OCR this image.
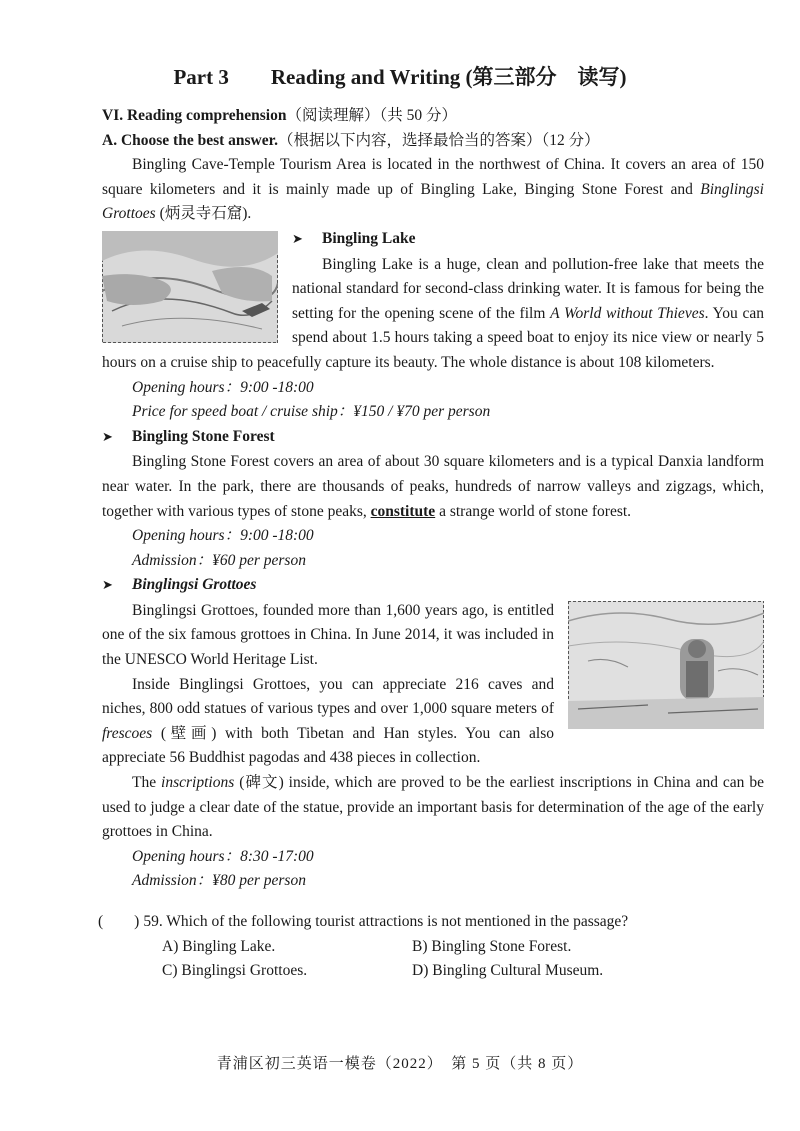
Part 3 Reading and Writing (第三部分　读写)

VI. Reading comprehension（阅读理解）（共 50 分）

A. Choose the best answer.（根据以下内容，选择最恰当的答案）（12 分）

Bingling Cave-Temple Tourism Area is located in the northwest of China. It covers an area of 150 square kilometers and it is mainly made up of Bingling Lake, Binging Stone Forest and Binglingsi Grottoes (炳灵寺石窟).

➤ Bingling Lake

Bingling Lake is a huge, clean and pollution-free lake that meets the national standard for second-class drinking water. It is famous for being the setting for the opening scene of the film A World without Thieves. You can spend about 1.5 hours taking a speed boat to enjoy its nice view or nearly 5 hours on a cruise ship to peacefully capture its beauty. The whole distance is about 108 kilometers.

Opening hours：9:00 -18:00

Price for speed boat / cruise ship：¥150 / ¥70 per person

➤ Bingling Stone Forest

Bingling Stone Forest covers an area of about 30 square kilometers and is a typical Danxia landform near water. In the park, there are thousands of peaks, hundreds of narrow valleys and zigzags, which, together with various types of stone peaks, constitute a strange world of stone forest.

Opening hours：9:00 -18:00

Admission：¥60 per person

➤ Binglingsi Grottoes

Binglingsi Grottoes, founded more than 1,600 years ago, is entitled one of the six famous grottoes in China. In June 2014, it was included in the UNESCO World Heritage List.

Inside Binglingsi Grottoes, you can appreciate 216 caves and niches, 800 odd statues of various types and over 1,000 square meters of frescoes (壁画) with both Tibetan and Han styles. You can also appreciate 56 Buddhist pagodas and 438 pieces in collection.

The inscriptions (碑文) inside, which are proved to be the earliest inscriptions in China and can be used to judge a clear date of the statue, provide an important basis for determination of the age of the early grottoes in China.

Opening hours：8:30 -17:00

Admission：¥80 per person

(　　) 59. Which of the following tourist attractions is not mentioned in the passage?

A) Bingling Lake.	B) Bingling Stone Forest.
C) Binglingsi Grottoes.	D) Bingling Cultural Museum.
青浦区初三英语一模卷（2022）　第 5 页（共 8 页）
